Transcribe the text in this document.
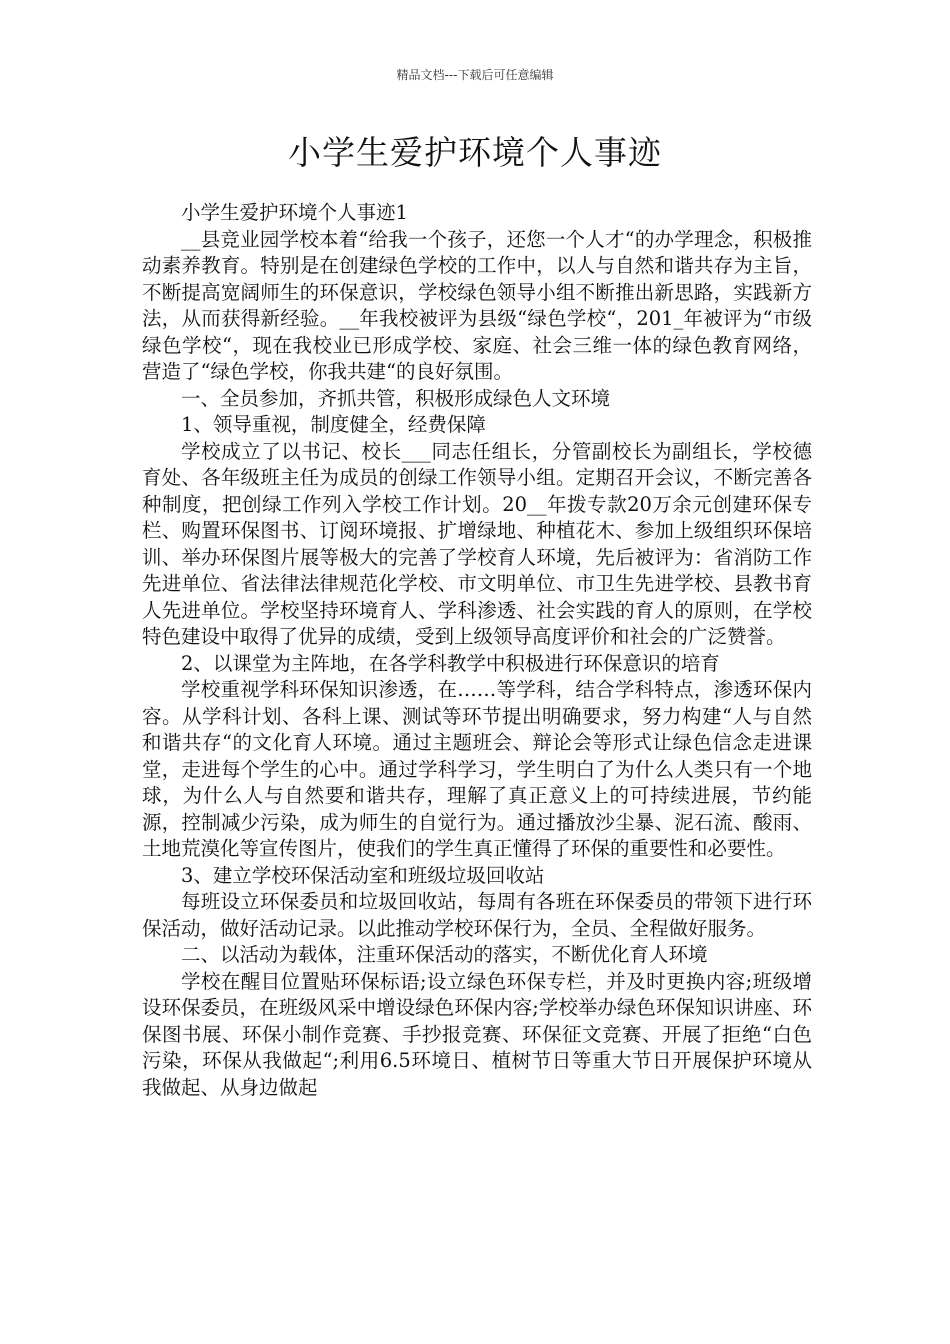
精品文档---下载后可任意编辑
小学生爱护环境个人事迹

小学生爱护环境个人事迹1

__县竞业园学校本着“给我一个孩子，还您一个人才“的办学理念，积极推动素养教育。特别是在创建绿色学校的工作中，以人与自然和谐共存为主旨，不断提高宽阔师生的环保意识，学校绿色领导小组不断推出新思路，实践新方法，从而获得新经验。__年我校被评为县级“绿色学校“，201_年被评为“市级绿色学校“，现在我校业已形成学校、家庭、社会三维一体的绿色教育网络，营造了“绿色学校，你我共建“的良好氛围。

一、全员参加，齐抓共管，积极形成绿色人文环境

1、领导重视，制度健全，经费保障

学校成立了以书记、校长___同志任组长，分管副校长为副组长，学校德育处、各年级班主任为成员的创绿工作领导小组。定期召开会议，不断完善各种制度，把创绿工作列入学校工作计划。20__年拨专款20万余元创建环保专栏、购置环保图书、订阅环境报、扩增绿地、种植花木、参加上级组织环保培训、举办环保图片展等极大的完善了学校育人环境，先后被评为：省消防工作先进单位、省法律法律规范化学校、市文明单位、市卫生先进学校、县教书育人先进单位。学校坚持环境育人、学科渗透、社会实践的育人的原则，在学校特色建设中取得了优异的成绩，受到上级领导高度评价和社会的广泛赞誉。

2、以课堂为主阵地，在各学科教学中积极进行环保意识的培育

学校重视学科环保知识渗透，在……等学科，结合学科特点，渗透环保内容。从学科计划、各科上课、测试等环节提出明确要求，努力构建“人与自然和谐共存“的文化育人环境。通过主题班会、辩论会等形式让绿色信念走进课堂，走进每个学生的心中。通过学科学习，学生明白了为什么人类只有一个地球，为什么人与自然要和谐共存，理解了真正意义上的可持续进展，节约能源，控制减少污染，成为师生的自觉行为。通过播放沙尘暴、泥石流、酸雨、土地荒漠化等宣传图片，使我们的学生真正懂得了环保的重要性和必要性。

3、建立学校环保活动室和班级垃圾回收站

每班设立环保委员和垃圾回收站，每周有各班在环保委员的带领下进行环保活动，做好活动记录。以此推动学校环保行为，全员、全程做好服务。

二、以活动为载体，注重环保活动的落实，不断优化育人环境

学校在醒目位置贴环保标语;设立绿色环保专栏，并及时更换内容;班级增设环保委员，在班级风采中增设绿色环保内容;学校举办绿色环保知识讲座、环保图书展、环保小制作竞赛、手抄报竞赛、环保征文竞赛、开展了拒绝“白色污染，环保从我做起“;利用6.5环境日、植树节日等重大节日开展保护环境从我做起、从身边做起
